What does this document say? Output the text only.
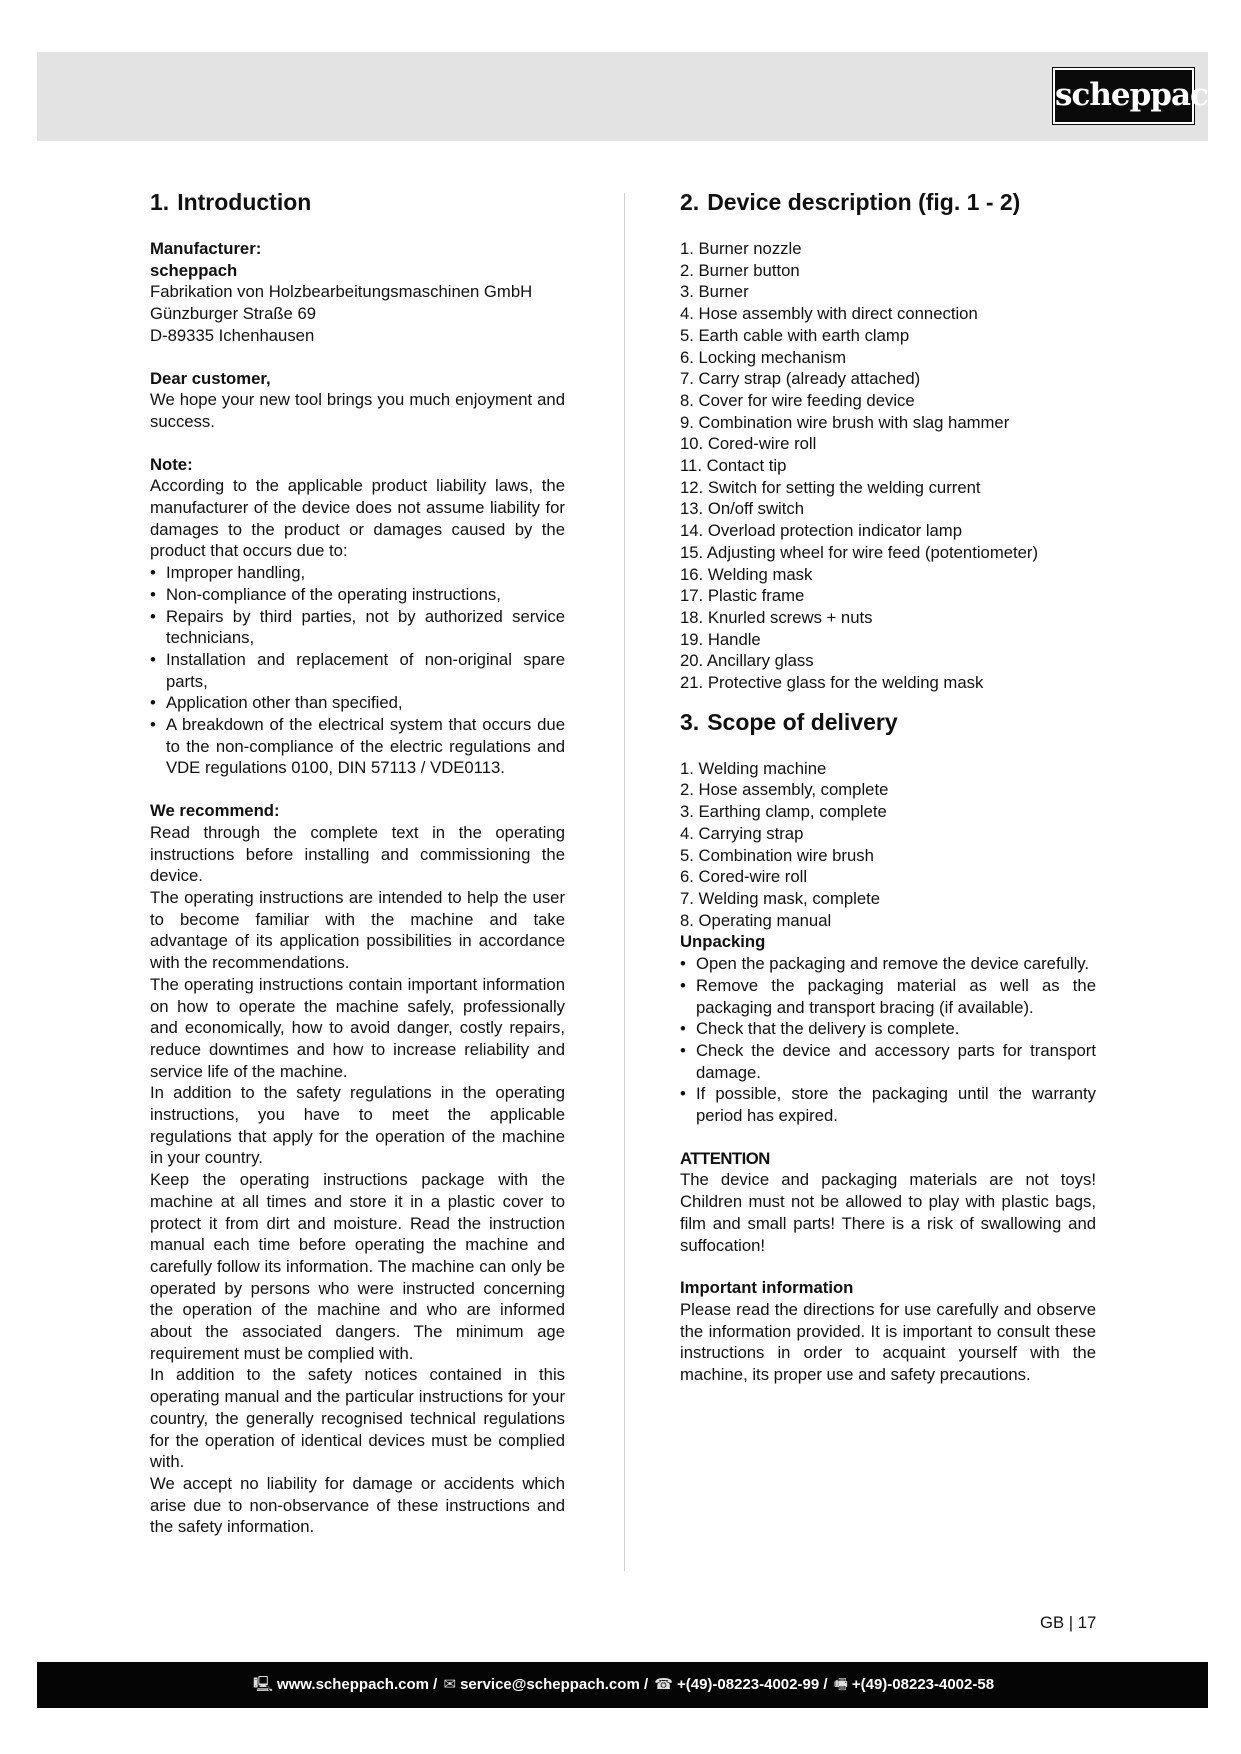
scheppach
1. Introduction
Manufacturer:
scheppach
Fabrikation von Holzbearbeitungsmaschinen GmbH
Günzburger Straße 69
D-89335 Ichenhausen
Dear customer,

We hope your new tool brings you much enjoyment and success.

Note:

According to the applicable product liability laws, the manufacturer of the device does not assume liability for damages to the product or damages caused by the product that occurs due to:

• Improper handling,
• Non-compliance of the operating instructions,
• Repairs by third parties, not by authorized service technicians,
• Installation and replacement of non-original spare parts,
• Application other than specified,
• A breakdown of the electrical system that occurs due to the non-compliance of the electric regulations and VDE regulations 0100, DIN 57113 / VDE0113.
We recommend:

Read through the complete text in the operating instructions before installing and commissioning the device.

The operating instructions are intended to help the user to become familiar with the machine and take advantage of its application possibilities in accordance with the recommendations.

The operating instructions contain important information on how to operate the machine safely, professionally and economically, how to avoid danger, costly repairs, reduce downtimes and how to increase reliability and service life of the machine.

In addition to the safety regulations in the operating instructions, you have to meet the applicable regulations that apply for the operation of the machine in your country.

Keep the operating instructions package with the machine at all times and store it in a plastic cover to protect it from dirt and moisture. Read the instruction manual each time before operating the machine and carefully follow its information. The machine can only be operated by persons who were instructed concerning the operation of the machine and who are informed about the associated dangers. The minimum age requirement must be complied with.

In addition to the safety notices contained in this operating manual and the particular instructions for your country, the generally recognised technical regulations for the operation of identical devices must be complied with.

We accept no liability for damage or accidents which arise due to non-observance of these instructions and the safety information.

2. Device description (fig. 1 - 2)
1. Burner nozzle
2. Burner button
3. Burner
4. Hose assembly with direct connection
5. Earth cable with earth clamp
6. Locking mechanism
7. Carry strap (already attached)
8. Cover for wire feeding device
9. Combination wire brush with slag hammer
10. Cored-wire roll
11. Contact tip
12. Switch for setting the welding current
13. On/off switch
14. Overload protection indicator lamp
15. Adjusting wheel for wire feed (potentiometer)
16. Welding mask
17. Plastic frame
18. Knurled screws + nuts
19. Handle
20. Ancillary glass
21. Protective glass for the welding mask
3. Scope of delivery
1. Welding machine
2. Hose assembly, complete
3. Earthing clamp, complete
4. Carrying strap
5. Combination wire brush
6. Cored-wire roll
7. Welding mask, complete
8. Operating manual
Unpacking
• Open the packaging and remove the device carefully.
• Remove the packaging material as well as the packaging and transport bracing (if available).
• Check that the delivery is complete.
• Check the device and accessory parts for transport damage.
• If possible, store the packaging until the warranty period has expired.
ATTENTION

The device and packaging materials are not toys! Children must not be allowed to play with plastic bags, film and small parts! There is a risk of swallowing and suffocation!

Important information

Please read the directions for use carefully and observe the information provided. It is important to consult these instructions in order to acquaint yourself with the machine, its proper use and safety precautions.

GB | 17
🖳 www.scheppach.com / ✉ service@scheppach.com / ☎ +(49)-08223-4002-99 / 🖷 +(49)-08223-4002-58
